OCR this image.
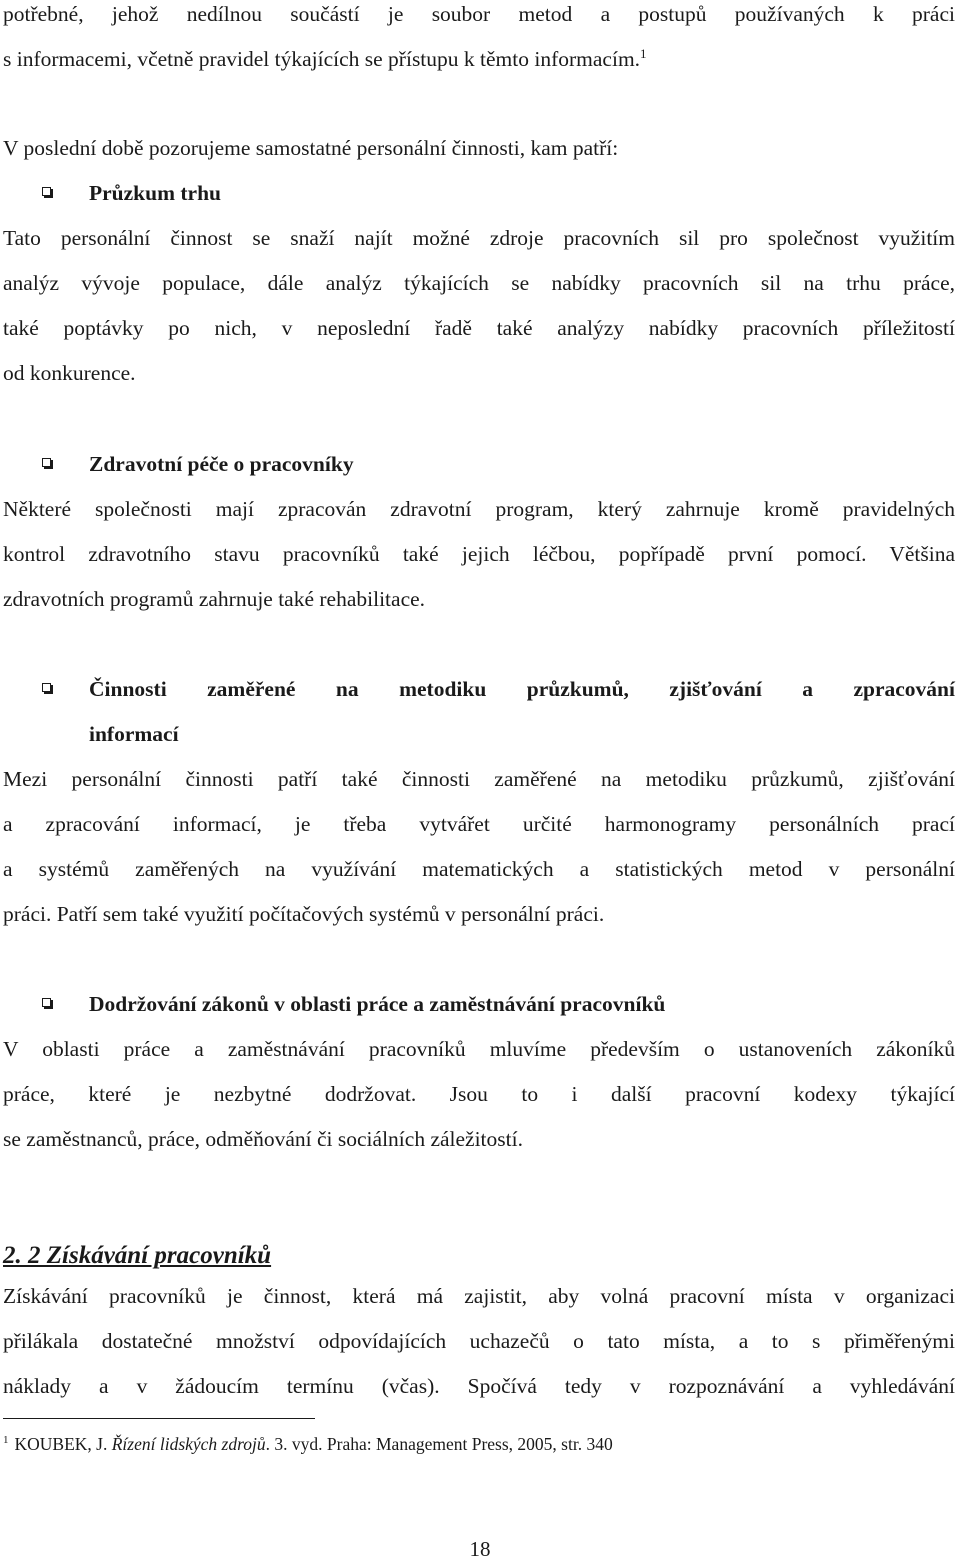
potřebné, jehož nedílnou součástí je soubor metod a postupů používaných k práci
s informacemi, včetně pravidel týkajících se přístupu k těmto informacím.$^1$
V poslední době pozorujeme samostatné personální činnosti, kam patří:
Průzkum trhu
Tato personální činnost se snaží najít možné zdroje pracovních sil pro společnost využitím
analýz vývoje populace, dále analýz týkajících se nabídky pracovních sil na trhu práce,
také poptávky po nich, v neposlední řadě také analýzy nabídky pracovních příležitostí
od konkurence.
Zdravotní péče o pracovníky
Některé společnosti mají zpracován zdravotní program, který zahrnuje kromě pravidelných
kontrol zdravotního stavu pracovníků také jejich léčbou, popřípadě první pomocí. Většina
zdravotních programů zahrnuje také rehabilitace.
Činnosti zaměřené na metodiku průzkumů, zjišťování a zpracování
informací
Mezi personální činnosti patří také činnosti zaměřené na metodiku průzkumů, zjišťování
a zpracování informací, je třeba vytvářet určité harmonogramy personálních prací
a systémů zaměřených na využívání matematických a statistických metod v personální
práci. Patří sem také využití počítačových systémů v personální práci.
Dodržování zákonů v oblasti práce a zaměstnávání pracovníků
V oblasti práce a zaměstnávání pracovníků mluvíme především o ustanoveních zákoníků
práce, které je nezbytné dodržovat. Jsou to i další pracovní kodexy týkající
se zaměstnanců, práce, odměňování či sociálních záležitostí.
2. 2 Získávání pracovníků
Získávání pracovníků je činnost, která má zajistit, aby volná pracovní místa v organizaci
přilákala dostatečné množství odpovídajících uchazečů o tato místa, a to s přiměřenými
náklady a v žádoucím termínu (včas). Spočívá tedy v rozpoznávání a vyhledávání
$^1$ KOUBEK, J. Řízení lidských zdrojů. 3. vyd. Praha: Management Press, 2005, str. 340
18
